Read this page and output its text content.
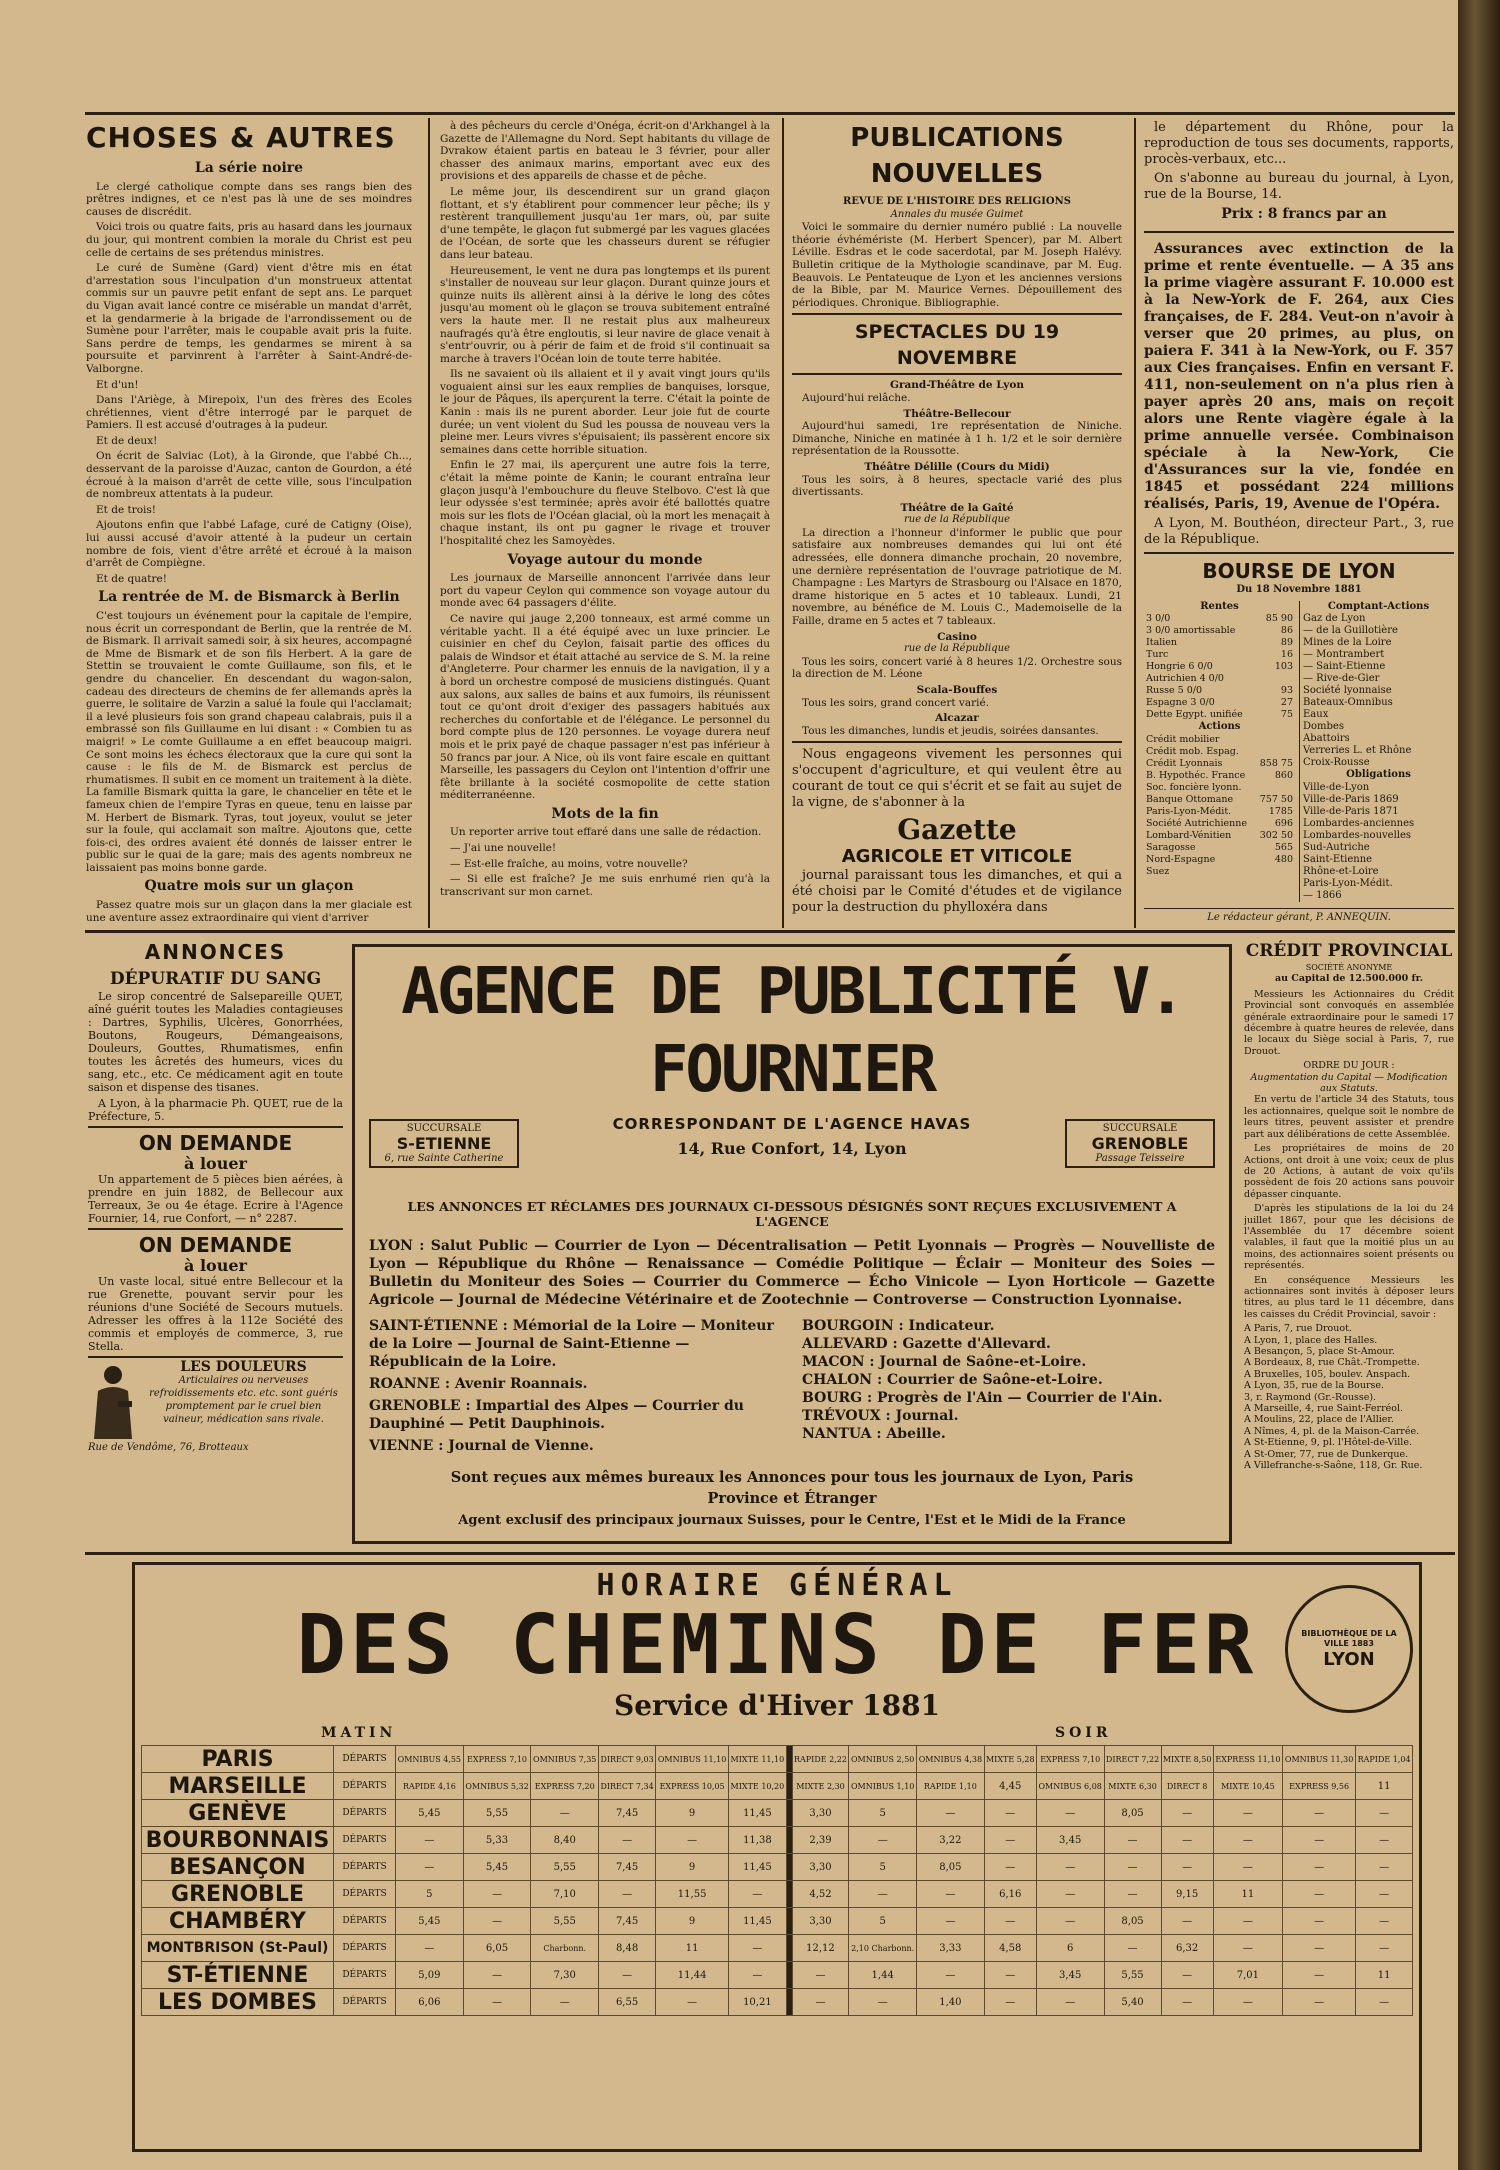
CHOSES & AUTRES
La série noire

Le clergé catholique compte dans ses rangs bien des prêtres indignes, et ce n'est pas là une de ses moindres causes de discrédit.

Voici trois ou quatre faits, pris au hasard dans les journaux du jour, qui montrent combien la morale du Christ est peu celle de certains de ses prétendus ministres.

Le curé de Sumène (Gard) vient d'être mis en état d'arrestation sous l'inculpation d'un monstrueux attentat commis sur un pauvre petit enfant de sept ans. Le parquet du Vigan avait lancé contre ce misérable un mandat d'arrêt, et la gendarmerie à la brigade de l'arrondissement ou de Sumène pour l'arrêter, mais le coupable avait pris la fuite. Sans perdre de temps, les gendarmes se mirent à sa poursuite et parvinrent à l'arrêter à Saint-André-de-Valborgne.

Et d'un!

Dans l'Ariège, à Mirepoix, l'un des frères des Ecoles chrétiennes, vient d'être interrogé par le parquet de Pamiers. Il est accusé d'outrages à la pudeur.

Et de deux!

On écrit de Salviac (Lot), à la Gironde, que l'abbé Ch..., desservant de la paroisse d'Auzac, canton de Gourdon, a été écroué à la maison d'arrêt de cette ville, sous l'inculpation de nombreux attentats à la pudeur.

Et de trois!

Ajoutons enfin que l'abbé Lafage, curé de Catigny (Oise), lui aussi accusé d'avoir attenté à la pudeur un certain nombre de fois, vient d'être arrêté et écroué à la maison d'arrêt de Compiègne.

Et de quatre!

La rentrée de M. de Bismarck à Berlin

C'est toujours un événement pour la capitale de l'empire, nous écrit un correspondant de Berlin, que la rentrée de M. de Bismark. Il arrivait samedi soir, à six heures, accompagné de Mme de Bismark et de son fils Herbert. A la gare de Stettin se trouvaient le comte Guillaume, son fils, et le gendre du chancelier. En descendant du wagon-salon, cadeau des directeurs de chemins de fer allemands après la guerre, le solitaire de Varzin a salué la foule qui l'acclamait; il a levé plusieurs fois son grand chapeau calabrais, puis il a embrassé son fils Guillaume en lui disant : « Combien tu as maigri! » Le comte Guillaume a en effet beaucoup maigri. Ce sont moins les échecs électoraux que la cure qui sont la cause : le fils de M. de Bismarck est perclus de rhumatismes. Il subit en ce moment un traitement à la diète. La famille Bismark quitta la gare, le chancelier en tête et le fameux chien de l'empire Tyras en queue, tenu en laisse par M. Herbert de Bismark. Tyras, tout joyeux, voulut se jeter sur la foule, qui acclamait son maître. Ajoutons que, cette fois-ci, des ordres avaient été donnés de laisser entrer le public sur le quai de la gare; mais des agents nombreux ne laissaient pas moins bonne garde.

Quatre mois sur un glaçon

Passez quatre mois sur un glaçon dans la mer glaciale est une aventure assez extraordinaire qui vient d'arriver

à des pêcheurs du cercle d'Onéga, écrit-on d'Arkhangel à la Gazette de l'Allemagne du Nord. Sept habitants du village de Dvrakow étaient partis en bateau le 3 février, pour aller chasser des animaux marins, emportant avec eux des provisions et des appareils de chasse et de pêche.

Le même jour, ils descendirent sur un grand glaçon flottant, et s'y établirent pour commencer leur pêche; ils y restèrent tranquillement jusqu'au 1er mars, où, par suite d'une tempête, le glaçon fut submergé par les vagues glacées de l'Océan, de sorte que les chasseurs durent se réfugier dans leur bateau.

Heureusement, le vent ne dura pas longtemps et ils purent s'installer de nouveau sur leur glaçon. Durant quinze jours et quinze nuits ils allèrent ainsi à la dérive le long des côtes jusqu'au moment où le glaçon se trouva subitement entraîné vers la haute mer. Il ne restait plus aux malheureux naufragés qu'à être engloutis, si leur navire de glace venait à s'entr'ouvrir, ou à périr de faim et de froid s'il continuait sa marche à travers l'Océan loin de toute terre habitée.

Ils ne savaient où ils allaient et il y avait vingt jours qu'ils voguaient ainsi sur les eaux remplies de banquises, lorsque, le jour de Pâques, ils aperçurent la terre. C'était la pointe de Kanin : mais ils ne purent aborder. Leur joie fut de courte durée; un vent violent du Sud les poussa de nouveau vers la pleine mer. Leurs vivres s'épuisaient; ils passèrent encore six semaines dans cette horrible situation.

Enfin le 27 mai, ils aperçurent une autre fois la terre, c'était la même pointe de Kanin; le courant entraîna leur glaçon jusqu'à l'embouchure du fleuve Stelbovo. C'est là que leur odyssée s'est terminée; après avoir été ballottés quatre mois sur les flots de l'Océan glacial, où la mort les menaçait à chaque instant, ils ont pu gagner le rivage et trouver l'hospitalité chez les Samoyèdes.

Voyage autour du monde

Les journaux de Marseille annoncent l'arrivée dans leur port du vapeur Ceylon qui commence son voyage autour du monde avec 64 passagers d'élite.

Ce navire qui jauge 2,200 tonneaux, est armé comme un véritable yacht. Il a été équipé avec un luxe princier. Le cuisinier en chef du Ceylon, faisait partie des offices du palais de Windsor et était attaché au service de S. M. la reine d'Angleterre. Pour charmer les ennuis de la navigation, il y a à bord un orchestre composé de musiciens distingués. Quant aux salons, aux salles de bains et aux fumoirs, ils réunissent tout ce qu'ont droit d'exiger des passagers habitués aux recherches du confortable et de l'élégance. Le personnel du bord compte plus de 120 personnes. Le voyage durera neuf mois et le prix payé de chaque passager n'est pas inférieur à 50 francs par jour. A Nice, où ils vont faire escale en quittant Marseille, les passagers du Ceylon ont l'intention d'offrir une fête brillante à la société cosmopolite de cette station méditerranéenne.

Mots de la fin

Un reporter arrive tout effaré dans une salle de rédaction.

— J'ai une nouvelle!

— Est-elle fraîche, au moins, votre nouvelle?

— Si elle est fraîche? Je me suis enrhumé rien qu'à la transcrivant sur mon carnet.

PUBLICATIONS NOUVELLES
REVUE DE L'HISTOIRE DES RELIGIONS
Annales du musée Guimet

Voici le sommaire du dernier numéro publié : La nouvelle théorie évhémériste (M. Herbert Spencer), par M. Albert Léville. Esdras et le code sacerdotal, par M. Joseph Halévy. Bulletin critique de la Mythologie scandinave, par M. Eug. Beauvois. Le Pentateuque de Lyon et les anciennes versions de la Bible, par M. Maurice Vernes. Dépouillement des périodiques. Chronique. Bibliographie.

SPECTACLES DU 19 NOVEMBRE
Grand-Théâtre de Lyon

Aujourd'hui relâche.

Théâtre-Bellecour

Aujourd'hui samedi, 1re représentation de Niniche. Dimanche, Niniche en matinée à 1 h. 1/2 et le soir dernière représentation de la Roussotte.

Théâtre Délille (Cours du Midi)

Tous les soirs, à 8 heures, spectacle varié des plus divertissants.

Théâtre de la Gaîté
rue de la République

La direction a l'honneur d'informer le public que pour satisfaire aux nombreuses demandes qui lui ont été adressées, elle donnera dimanche prochain, 20 novembre, une dernière représentation de l'ouvrage patriotique de M. Champagne : Les Martyrs de Strasbourg ou l'Alsace en 1870, drame historique en 5 actes et 10 tableaux. Lundi, 21 novembre, au bénéfice de M. Louis C., Mademoiselle de la Faille, drame en 5 actes et 7 tableaux.

Casino
rue de la République

Tous les soirs, concert varié à 8 heures 1/2. Orchestre sous la direction de M. Léone

Scala-Bouffes

Tous les soirs, grand concert varié.

Alcazar

Tous les dimanches, lundis et jeudis, soirées dansantes.

Nous engageons vivement les personnes qui s'occupent d'agriculture, et qui veulent être au courant de tout ce qui s'écrit et se fait au sujet de la vigne, de s'abonner à la

Gazette
AGRICOLE ET VITICOLE

journal paraissant tous les dimanches, et qui a été choisi par le Comité d'études et de vigilance pour la destruction du phylloxéra dans

le département du Rhône, pour la reproduction de tous ses documents, rapports, procès-verbaux, etc...

On s'abonne au bureau du journal, à Lyon, rue de la Bourse, 14.

Prix : 8 francs par an

Assurances avec extinction de la prime et rente éventuelle. — A 35 ans la prime viagère assurant F. 10.000 est à la New-York de F. 264, aux Cies françaises, de F. 284. Veut-on n'avoir à verser que 20 primes, au plus, on paiera F. 341 à la New-York, ou F. 357 aux Cies françaises. Enfin en versant F. 411, non-seulement on n'a plus rien à payer après 20 ans, mais on reçoit alors une Rente viagère égale à la prime annuelle versée. Combinaison spéciale à la New-York, Cie d'Assurances sur la vie, fondée en 1845 et possédant 224 millions réalisés, Paris, 19, Avenue de l'Opéra.

A Lyon, M. Bouthéon, directeur Part., 3, rue de la République.

BOURSE DE LYON
Du 18 Novembre 1881
Rentes
3 0/0	85 90
3 0/0 amortissable	86
Italien	89
Turc	16
Hongrie 6 0/0	103
Autrichien 4 0/0	
Russe 5 0/0	93
Espagne 3 0/0	27
Dette Egypt. unifiée	75
Actions
Crédit mobilier	
Crédit mob. Espag.	
Crédit Lyonnais	858 75
B. Hypothéc. France	860
Soc. foncière lyonn.	
Banque Ottomane	757 50
Paris-Lyon-Médit.	1785
Société Autrichienne	696
Lombard-Vénitien	302 50
Saragosse	565
Nord-Espagne	480
Suez	
Comptant-Actions
Gaz de Lyon
— de la Guillotière
Mines de la Loire
— Montrambert
— Saint-Etienne
— Rive-de-Gier
Société lyonnaise
Bateaux-Omnibus
Eaux
Dombes
Abattoirs
Verreries L. et Rhône
Croix-Rousse
Obligations
Ville-de-Lyon
Ville-de-Paris 1869
Ville-de-Paris 1871
Lombardes-anciennes
Lombardes-nouvelles
Sud-Autriche
Saint-Etienne
Rhône-et-Loire
Paris-Lyon-Médit.
— 1866
Le rédacteur gérant, P. ANNEQUIN.
ANNONCES
DÉPURATIF DU SANG

Le sirop concentré de Salsepareille QUET, aîné guérit toutes les Maladies contagieuses : Dartres, Syphilis, Ulcères, Gonorrhées, Boutons, Rougeurs, Démangeaisons, Douleurs, Gouttes, Rhumatismes, enfin toutes les âcretés des humeurs, vices du sang, etc., etc. Ce médicament agit en toute saison et dispense des tisanes.

A Lyon, à la pharmacie Ph. QUET, rue de la Préfecture, 5.

ON DEMANDE
à louer

Un appartement de 5 pièces bien aérées, à prendre en juin 1882, de Bellecour aux Terreaux, 3e ou 4e étage. Ecrire à l'Agence Fournier, 14, rue Confort, — n° 2287.

ON DEMANDE
à louer

Un vaste local, situé entre Bellecour et la rue Grenette, pouvant servir pour les réunions d'une Société de Secours mutuels. Adresser les offres à la 112e Société des commis et employés de commerce, 3, rue Stella.

LES DOULEURS
Articulaires ou nerveuses refroidissements etc. etc. sont guéris promptement par le cruel bien vaineur, médication sans rivale.
Rue de Vendôme, 76, Brotteaux
AGENCE DE PUBLICITÉ V. FOURNIER
SUCCURSALE
S-ETIENNE
6, rue Sainte Catherine
CORRESPONDANT DE L'AGENCE HAVAS
14, Rue Confort, 14, Lyon
SUCCURSALE
GRENOBLE
Passage Teisseire
LES ANNONCES ET RÉCLAMES DES JOURNAUX CI-DESSOUS DÉSIGNÉS SONT REÇUES EXCLUSIVEMENT A L'AGENCE
LYON : Salut Public — Courrier de Lyon — Décentralisation — Petit Lyonnais — Progrès — Nouvelliste de Lyon — République du Rhône — Renaissance — Comédie Politique — Éclair — Moniteur des Soies — Bulletin du Moniteur des Soies — Courrier du Commerce — Écho Vinicole — Lyon Horticole — Gazette Agricole — Journal de Médecine Vétérinaire et de Zootechnie — Controverse — Construction Lyonnaise.
SAINT-ÉTIENNE : Mémorial de la Loire — Moniteur de la Loire — Journal de Saint-Etienne — Républicain de la Loire.
ROANNE : Avenir Roannais.
GRENOBLE : Impartial des Alpes — Courrier du Dauphiné — Petit Dauphinois.
VIENNE : Journal de Vienne.
BOURGOIN : Indicateur.
ALLEVARD : Gazette d'Allevard.
MACON : Journal de Saône-et-Loire.
CHALON : Courrier de Saône-et-Loire.
BOURG : Progrès de l'Ain — Courrier de l'Ain.
TRÉVOUX : Journal.
NANTUA : Abeille.
Sont reçues aux mêmes bureaux les Annonces pour tous les journaux de Lyon, Paris
Province et Étranger
Agent exclusif des principaux journaux Suisses, pour le Centre, l'Est et le Midi de la France
CRÉDIT PROVINCIAL
SOCIÉTÉ ANONYME
au Capital de 12.500.000 fr.

Messieurs les Actionnaires du Crédit Provincial sont convoqués en assemblée générale extraordinaire pour le samedi 17 décembre à quatre heures de relevée, dans le locaux du Siège social à Paris, 7, rue Drouot.

ORDRE DU JOUR :
Augmentation du Capital — Modification aux Statuts.

En vertu de l'article 34 des Statuts, tous les actionnaires, quelque soit le nombre de leurs titres, peuvent assister et prendre part aux délibérations de cette Assemblée.

Les propriétaires de moins de 20 Actions, ont droit à une voix; ceux de plus de 20 Actions, à autant de voix qu'ils possèdent de fois 20 actions sans pouvoir dépasser cinquante.

D'après les stipulations de la loi du 24 juillet 1867, pour que les décisions de l'Assemblée du 17 décembre soient valables, il faut que la moitié plus un au moins, des actionnaires soient présents ou représentés.

En conséquence Messieurs les actionnaires sont invités à déposer leurs titres, au plus tard le 11 décembre, dans les caisses du Crédit Provincial, savoir :

A Paris, 7, rue Drouot.
A Lyon, 1, place des Halles.
A Besançon, 5, place St-Amour.
A Bordeaux, 8, rue Chât.-Trompette.
A Bruxelles, 105, boulev. Anspach.
A Lyon, 35, rue de la Bourse.
3, r. Raymond (Gr.-Rousse).
A Marseille, 4, rue Saint-Ferréol.
A Moulins, 22, place de l'Allier.
A Nîmes, 4, pl. de la Maison-Carrée.
A St-Etienne, 9, pl. l'Hôtel-de-Ville.
A St-Omer, 77, rue de Dunkerque.
A Villefranche-s-Saône, 118, Gr. Rue.
HORAIRE GÉNÉRAL
DES CHEMINS DE FER
Service d'Hiver 1881
BIBLIOTHÈQUE DE LA VILLE 1883
LYON
MATIN	SOIR
PARIS	DÉPARTS	OMNIBUS 4,55	EXPRESS 7,10	OMNIBUS 7,35	DIRECT 9,03	OMNIBUS 11,10	MIXTE 11,10		RAPIDE 2,22	OMNIBUS 2,50	OMNIBUS 4,38	MIXTE 5,28	EXPRESS 7,10	DIRECT 7,22	MIXTE 8,50	EXPRESS 11,10	OMNIBUS 11,30	RAPIDE 1,04
MARSEILLE	DÉPARTS	RAPIDE 4,16	OMNIBUS 5,32	EXPRESS 7,20	DIRECT 7,34	EXPRESS 10,05	MIXTE 10,20		MIXTE 2,30	OMNIBUS 1,10	RAPIDE 1,10	4,45	OMNIBUS 6,08	MIXTE 6,30	DIRECT 8	MIXTE 10,45	EXPRESS 9,56	11
GENÈVE	DÉPARTS	5,45	5,55	—	7,45	9	11,45		3,30	5	—	—	—	8,05	—	—	—	—
BOURBONNAIS	DÉPARTS	—	5,33	8,40	—	—	11,38		2,39	—	3,22	—	3,45	—	—	—	—	—
BESANÇON	DÉPARTS	—	5,45	5,55	7,45	9	11,45		3,30	5	8,05	—	—	—	—	—	—	—
GRENOBLE	DÉPARTS	5	—	7,10	—	11,55	—		4,52	—	—	6,16	—	—	9,15	11	—	—
CHAMBÉRY	DÉPARTS	5,45	—	5,55	7,45	9	11,45		3,30	5	—	—	—	8,05	—	—	—	—
MONTBRISON (St-Paul)	DÉPARTS	—	6,05	Charbonn.	8,48	11	—		12,12	2,10 Charbonn.	3,33	4,58	6	—	6,32	—	—	—
ST-ÉTIENNE	DÉPARTS	5,09	—	7,30	—	11,44	—		—	1,44	—	—	3,45	5,55	—	7,01	—	11
LES DOMBES	DÉPARTS	6,06	—	—	6,55	—	10,21		—	—	1,40	—	—	5,40	—	—	—	—
